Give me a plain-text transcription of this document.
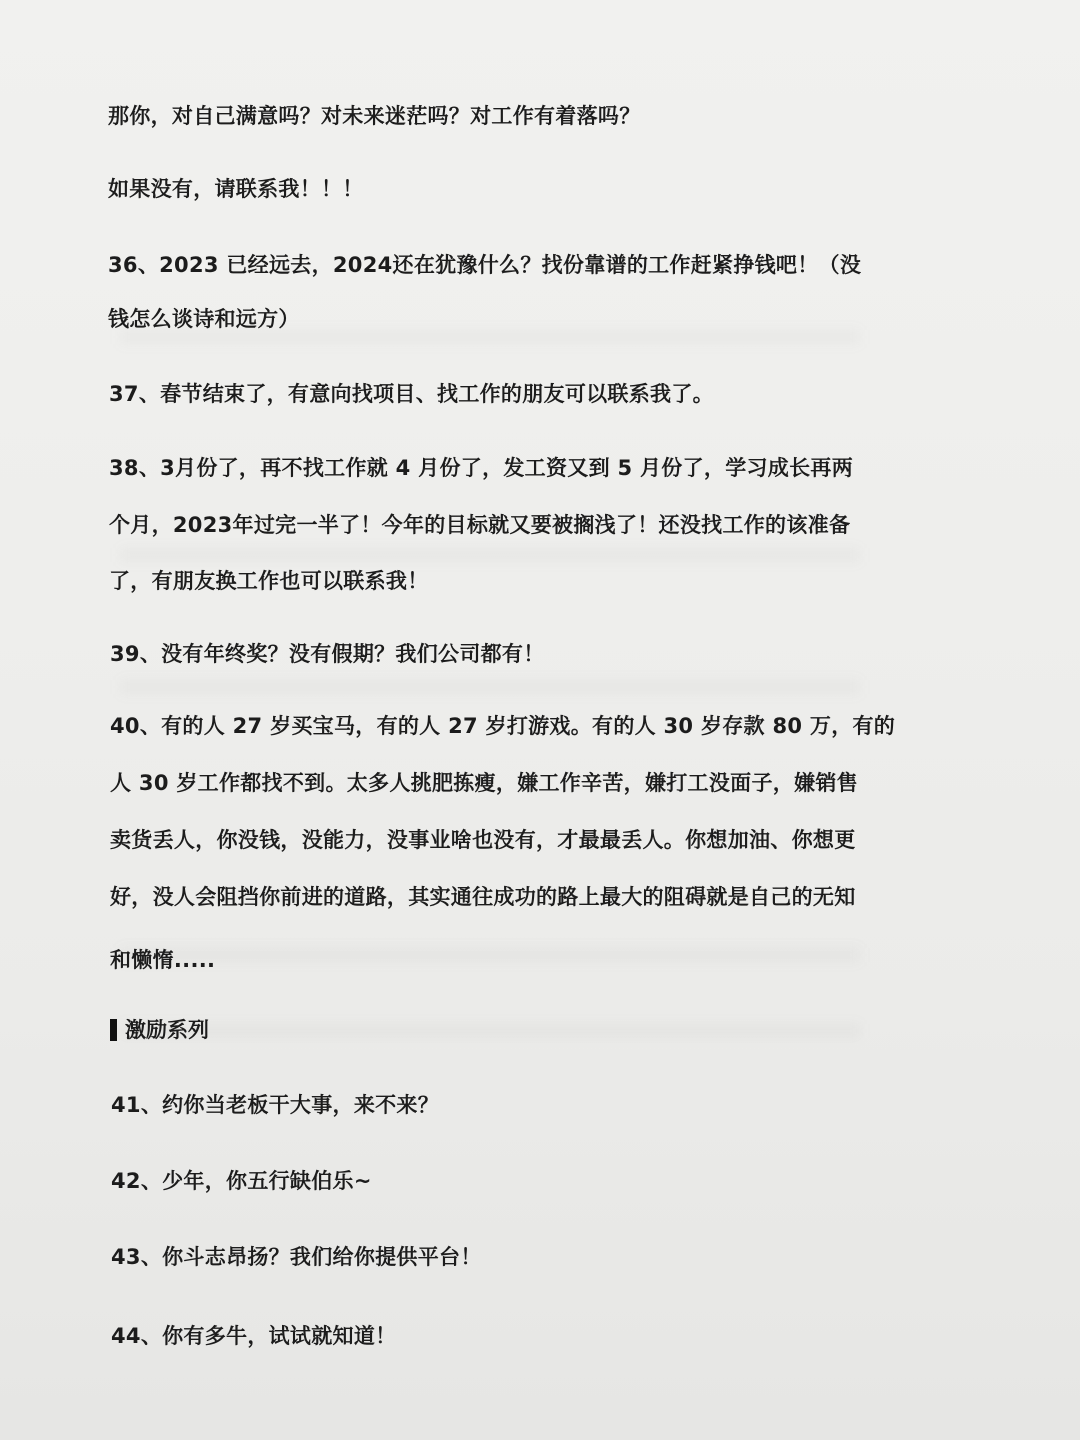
那你，对自己满意吗？对未来迷茫吗？对工作有着落吗？
如果没有，请联系我！！！
36、2023 已经远去，2024还在犹豫什么？找份靠谱的工作赶紧挣钱吧！（没
钱怎么谈诗和远方）
37、春节结束了，有意向找项目、找工作的朋友可以联系我了。
38、3月份了，再不找工作就 4 月份了，发工资又到 5 月份了，学习成长再两
个月，2023年过完一半了！今年的目标就又要被搁浅了！还没找工作的该准备
了，有朋友换工作也可以联系我！
39、没有年终奖？没有假期？我们公司都有！
40、有的人 27 岁买宝马，有的人 27 岁打游戏。有的人 30 岁存款 80 万，有的
人 30 岁工作都找不到。太多人挑肥拣瘦，嫌工作辛苦，嫌打工没面子，嫌销售
卖货丢人，你没钱，没能力，没事业啥也没有，才最最丢人。你想加油、你想更
好，没人会阻挡你前进的道路，其实通往成功的路上最大的阻碍就是自己的无知
和懒惰.....
激励系列
41、约你当老板干大事，来不来？
42、少年，你五行缺伯乐~
43、你斗志昂扬？我们给你提供平台！
44、你有多牛，试试就知道！
